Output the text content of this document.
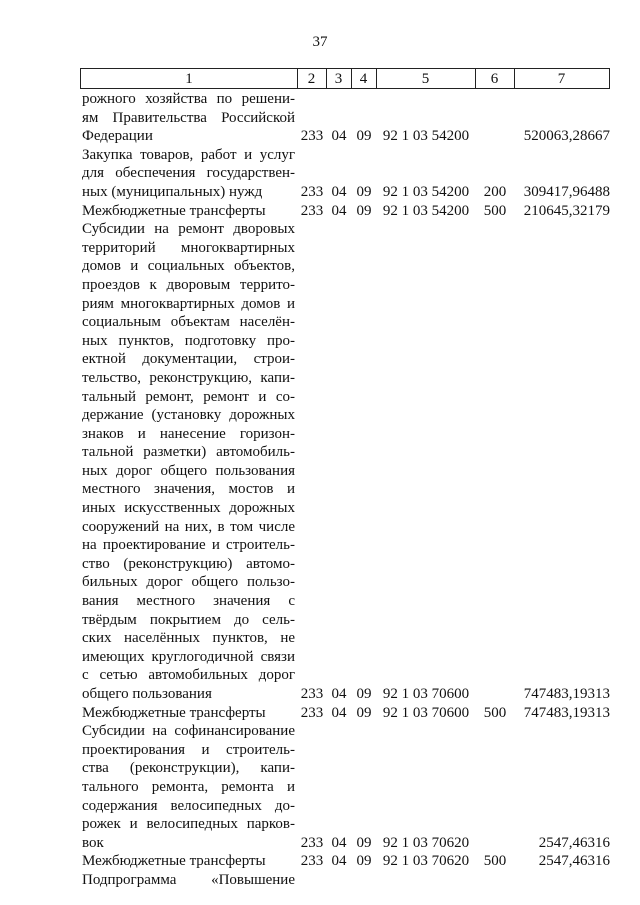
37
1	2	3	4	5	6	7
рожного хозяйства по решени-
ям Правительства Российской
Федерации	233 04 09 92 1 03 54200	520063,28667
Закупка товаров, работ и услуг
для обеспечения государствен-
ных (муниципальных) нужд	233 04 09 92 1 03 54200 200	309417,96488
Межбюджетные трансферты	233 04 09 92 1 03 54200 500	210645,32179
Субсидии на ремонт дворовых
территорий многоквартирных
домов и социальных объектов,
проездов к дворовым террито-
риям многоквартирных домов и
социальным объектам населён-
ных пунктов, подготовку про-
ектной документации, строи-
тельство, реконструкцию, капи-
тальный ремонт, ремонт и со-
держание (установку дорожных
знаков и нанесение горизон-
тальной разметки) автомобиль-
ных дорог общего пользования
местного значения, мостов и
иных искусственных дорожных
сооружений на них, в том числе
на проектирование и строитель-
ство (реконструкцию) автомо-
бильных дорог общего пользо-
вания местного значения с
твёрдым покрытием до сель-
ских населённых пунктов, не
имеющих круглогодичной связи
с сетью автомобильных дорог
общего пользования	233 04 09 92 1 03 70600	747483,19313
Межбюджетные трансферты	233 04 09 92 1 03 70600 500	747483,19313
Субсидии на софинансирование
проектирования и строитель-
ства (реконструкции), капи-
тального ремонта, ремонта и
содержания велосипедных до-
рожек и велосипедных парков-
вок	233 04 09 92 1 03 70620	2547,46316
Межбюджетные трансферты	233 04 09 92 1 03 70620 500	2547,46316
Подпрограмма «Повышение
